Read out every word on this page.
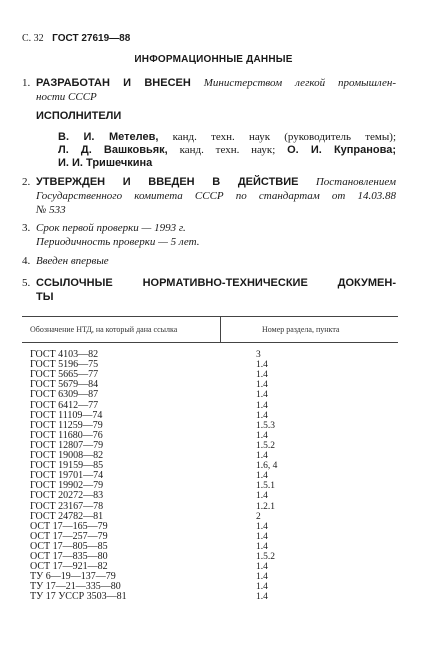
С. 32 ГОСТ 27619—88
ИНФОРМАЦИОННЫЕ ДАННЫЕ
1. РАЗРАБОТАН И ВНЕСЕН Министерством легкой промышлен-
ности СССР
ИСПОЛНИТЕЛИ
В. И. Метелев, канд. техн. наук (руководитель темы);
Л. Д. Вашковьяк, канд. техн. наук; О. И. Купранова;
И. И. Тришечкина
2. УТВЕРЖДЕН И ВВЕДЕН В ДЕЙСТВИЕ Постановлением
Государственного комитета СССР по стандартам от 14.03.88
№ 533
3. Срок первой проверки — 1993 г.
Периодичность проверки — 5 лет.
4. Введен впервые
5. ССЫЛОЧНЫЕ НОРМАТИВНО-ТЕХНИЧЕСКИЕ ДОКУМЕН-
ТЫ
Обозначение НТД, на который дана ссылка	Номер раздела, пункта
ГОСТ 4103—82	3
ГОСТ 5196—75	1.4
ГОСТ 5665—77	1.4
ГОСТ 5679—84	1.4
ГОСТ 6309—87	1.4
ГОСТ 6412—77	1.4
ГОСТ 11109—74	1.4
ГОСТ 11259—79	1.5.3
ГОСТ 11680—76	1.4
ГОСТ 12807—79	1.5.2
ГОСТ 19008—82	1.4
ГОСТ 19159—85	1.6, 4
ГОСТ 19701—74	1.4
ГОСТ 19902—79	1.5.1
ГОСТ 20272—83	1.4
ГОСТ 23167—78	1.2.1
ГОСТ 24782—81	2
ОСТ 17—165—79	1.4
ОСТ 17—257—79	1.4
ОСТ 17—805—85	1.4
ОСТ 17—835—80	1.5.2
ОСТ 17—921—82	1.4
ТУ 6—19—137—79	1.4
ТУ 17—21—335—80	1.4
ТУ 17 УССР 3503—81	1.4
